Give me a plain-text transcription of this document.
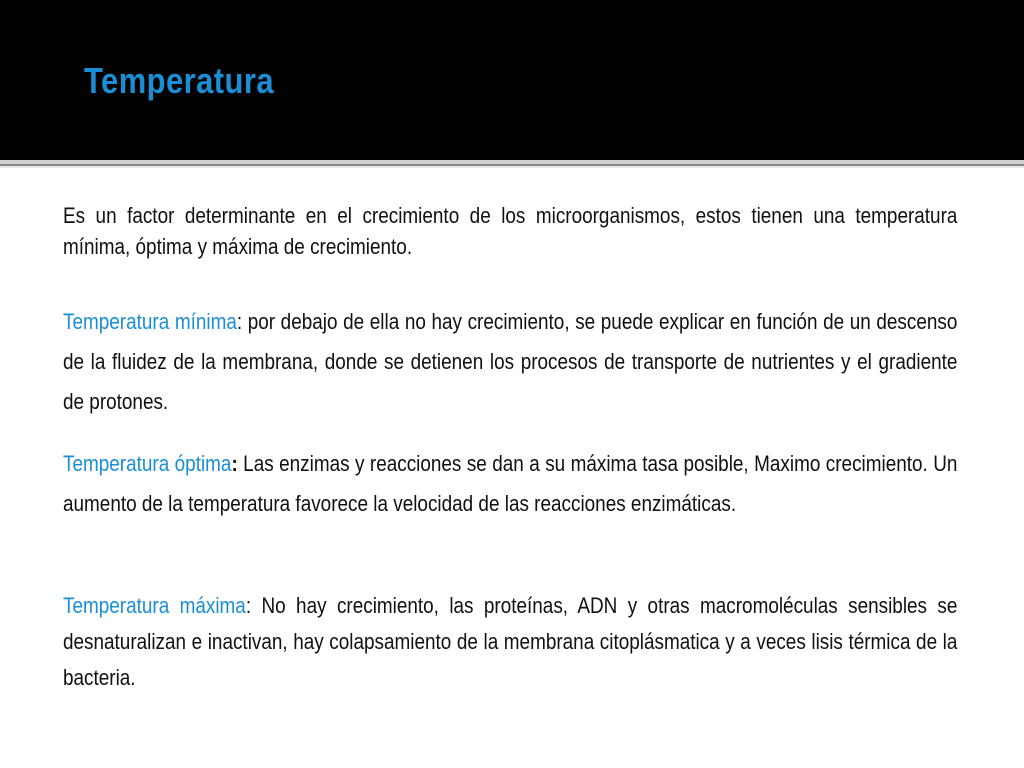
Temperatura

Es un factor determinante en el crecimiento de los microorganismos, estos tienen una temperatura mínima, óptima y máxima de crecimiento.

Temperatura mínima: por debajo de ella no hay crecimiento, se puede explicar en función de un descenso de la fluidez de la membrana, donde se detienen los procesos de transporte de nutrientes y el gradiente de protones.

Temperatura óptima: Las enzimas y reacciones se dan a su máxima tasa posible, Maximo crecimiento. Un aumento de la temperatura favorece la velocidad de las reacciones enzimáticas.

Temperatura máxima: No hay crecimiento, las proteínas, ADN y otras macromoléculas sensibles se desnaturalizan e inactivan, hay colapsamiento de la membrana citoplásmatica y a veces lisis térmica de la bacteria.
